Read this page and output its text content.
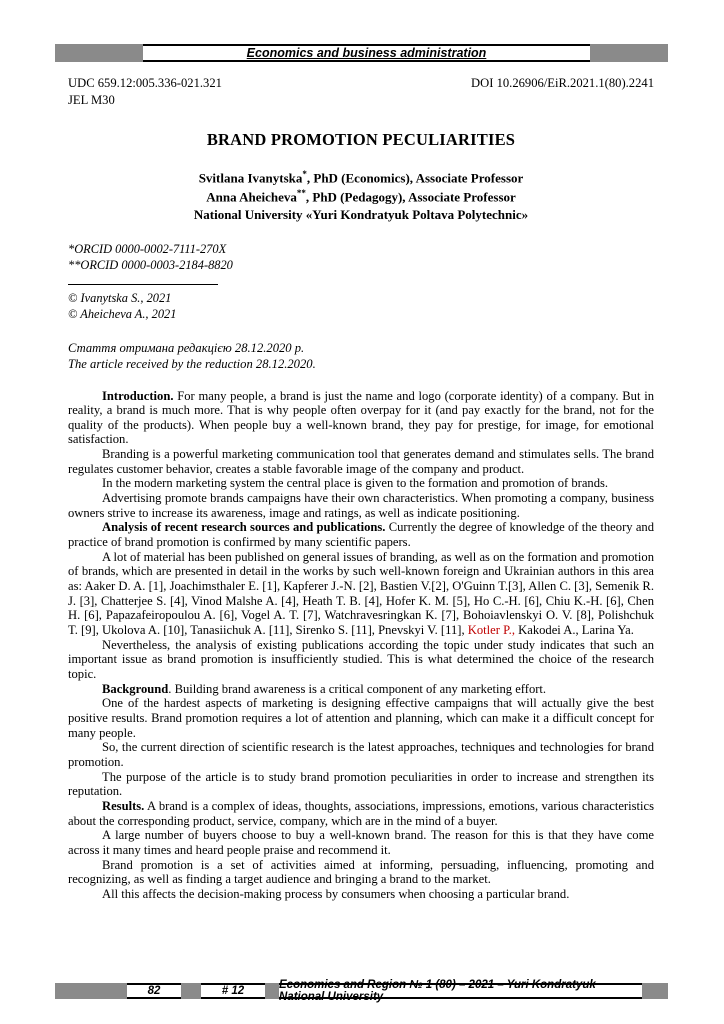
Economics and business administration
UDC 659.12:005.336-021.321	DOI 10.26906/EiR.2021.1(80).2241
JEL M30
BRAND PROMOTION PECULIARITIES
Svitlana Ivanytska*, PhD (Economics), Associate Professor
Anna Aheicheva**, PhD (Pedagogy), Associate Professor
National University «Yuri Kondratyuk Poltava Polytechnic»
*ORCID 0000-0002-7111-270X
**ORCID 0000-0003-2184-8820
© Ivanytska S., 2021
© Aheicheva A., 2021
Стаття отримана редакцією 28.12.2020 р.
The article received by the reduction 28.12.2020.

Introduction. For many people, a brand is just the name and logo (corporate identity) of a company. But in reality, a brand is much more. That is why people often overpay for it (and pay exactly for the brand, not for the quality of the products). When people buy a well-known brand, they pay for prestige, for image, for emotional satisfaction.

Branding is a powerful marketing communication tool that generates demand and stimulates sells. The brand regulates customer behavior, creates a stable favorable image of the company and product.

In the modern marketing system the central place is given to the formation and promotion of brands.

Advertising promote brands campaigns have their own characteristics. When promoting a company, business owners strive to increase its awareness, image and ratings, as well as indicate positioning.

Analysis of recent research sources and publications. Currently the degree of knowledge of the theory and practice of brand promotion is confirmed by many scientific papers.

A lot of material has been published on general issues of branding, as well as on the formation and promotion of brands, which are presented in detail in the works by such well-known foreign and Ukrainian authors in this area as: Aaker D. A. [1], Joachimsthaler E. [1], Kapferer J.-N. [2], Bastien V.[2], O'Guinn T.[3], Allen C. [3], Semenik R. J. [3], Chatterjee S. [4], Vinod Malshe A. [4], Heath T. B. [4], Hofer K. M. [5], Ho C.-H. [6], Chiu K.-H. [6], Chen H. [6], Papazafeiropoulou A. [6], Vogel A. T. [7], Watchravesringkan K. [7], Bohoiavlenskyi O. V. [8], Polishchuk T. [9], Ukolova A. [10], Tanasiichuk A. [11], Sirenko S. [11], Pnevskyi V. [11], Kotler P., Kakodei A., Larina Ya.

Nevertheless, the analysis of existing publications according the topic under study indicates that such an important issue as brand promotion is insufficiently studied. This is what determined the choice of the research topic.

Background. Building brand awareness is a critical component of any marketing effort.

One of the hardest aspects of marketing is designing effective campaigns that will actually give the best positive results. Brand promotion requires a lot of attention and planning, which can make it a difficult concept for many people.

So, the current direction of scientific research is the latest approaches, techniques and technologies for brand promotion.

The purpose of the article is to study brand promotion peculiarities in order to increase and strengthen its reputation.

Results. A brand is a complex of ideas, thoughts, associations, impressions, emotions, various characteristics about the corresponding product, service, company, which are in the mind of a buyer.

A large number of buyers choose to buy a well-known brand. The reason for this is that they have come across it many times and heard people praise and recommend it.

Brand promotion is a set of activities aimed at informing, persuading, influencing, promoting and recognizing, as well as finding a target audience and bringing a brand to the market.

All this affects the decision-making process by consumers when choosing a particular brand.

82	# 12	Economics and Region № 1 (80) – 2021 – Yuri Kondratyuk National University
